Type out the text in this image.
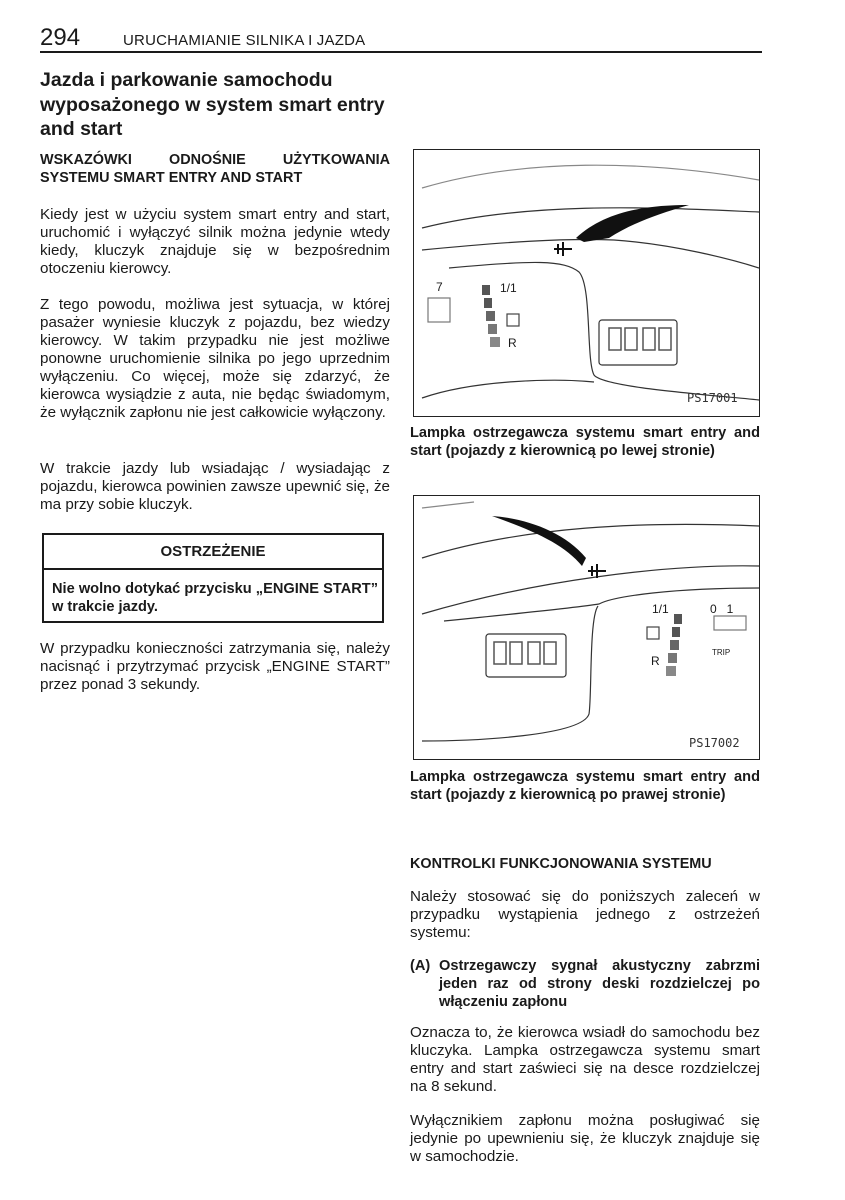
294	URUCHAMIANIE SILNIKA I JAZDA
Jazda i parkowanie samochodu wyposażonego w system smart entry and start
WSKAZÓWKI ODNOŚNIE UŻYTKOWANIA SYSTEMU SMART ENTRY AND START
Kiedy jest w użyciu system smart entry and start, uruchomić i wyłączyć silnik można jedynie wtedy kiedy, kluczyk znajduje się w bezpośrednim otoczeniu kierowcy.
Z tego powodu, możliwa jest sytuacja, w której pasażer wyniesie kluczyk z pojazdu, bez wiedzy kierowcy. W takim przypadku nie jest możliwe ponowne uruchomienie silnika po jego uprzednim wyłączeniu. Co więcej, może się zdarzyć, że kierowca wysiądzie z auta, nie będąc świadomym, że wyłącznik zapłonu nie jest całkowicie wyłączony.
W trakcie jazdy lub wsiadając / wysiadając z pojazdu, kierowca powinien zawsze upewnić się, że ma przy sobie kluczyk.
OSTRZEŻENIE
Nie wolno dotykać przycisku „ENGINE START” w trakcie jazdy.
W przypadku konieczności zatrzymania się, należy nacisnąć i przytrzymać przycisk „ENGINE START” przez ponad 3 sekundy.
7	1/1
R
PS17001
Lampka ostrzegawcza systemu smart entry and start (pojazdy z kierownicą po lewej stronie)
1/1	0   1
R
TRIP
PS17002
Lampka ostrzegawcza systemu smart entry and start (pojazdy z kierownicą po prawej stronie)
KONTROLKI FUNKCJONOWANIA SYSTEMU
Należy stosować się do poniższych zaleceń w przypadku wystąpienia jednego z ostrzeżeń systemu:
(A) Ostrzegawczy sygnał akustyczny zabrzmi jeden raz od strony deski rozdzielczej po włączeniu zapłonu
Oznacza to, że kierowca wsiadł do samochodu bez kluczyka. Lampka ostrzegawcza systemu smart entry and start zaświeci się na desce rozdzielczej na 8 sekund.
Wyłącznikiem zapłonu można posługiwać się jedynie po upewnieniu się, że kluczyk znajduje się w samochodzie.
